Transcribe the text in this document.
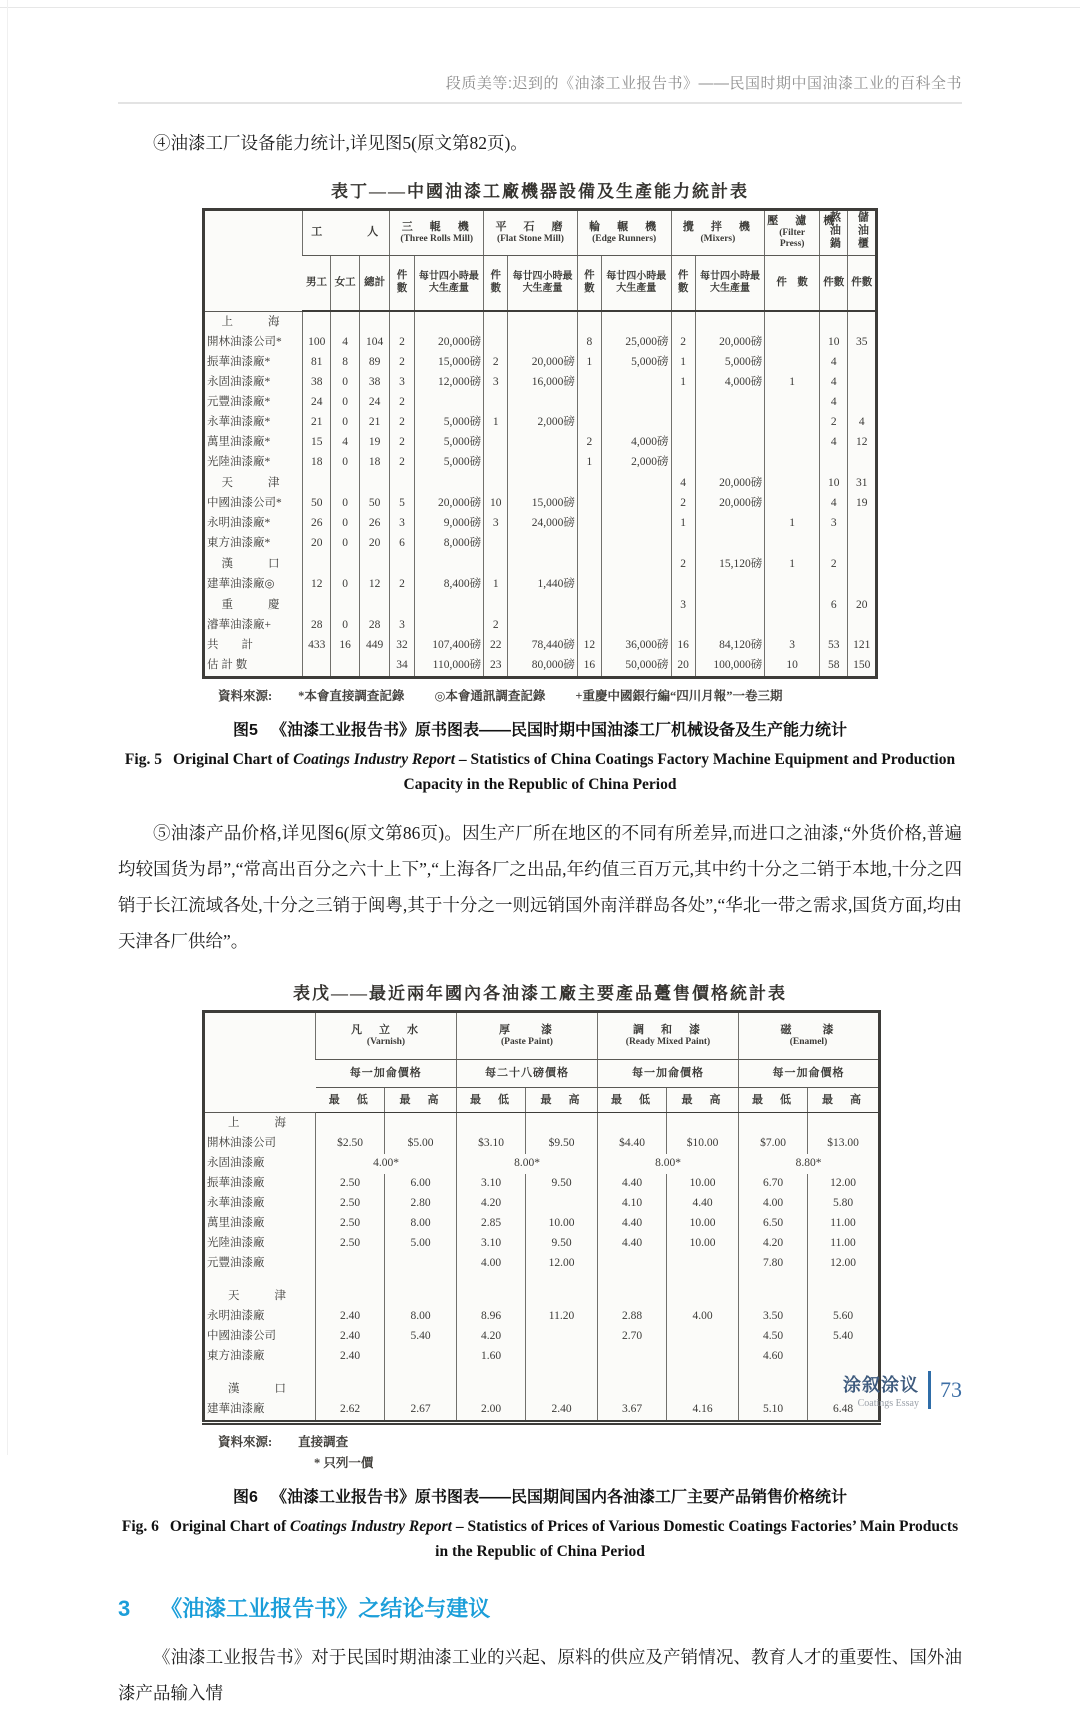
段质美等:迟到的《油漆工业报告书》——民国时期中国油漆工业的百科全书

④油漆工厂设备能力统计,详见图5(原文第82页)。

表丁——中國油漆工廠機器設備及生產能力統計表
	工　　　人	三　輥　機
(Three Rolls Mill)

平　石　磨
(Flat Stone Mill)

輪　輾　機
(Edge Runners)

攪　拌　機
(Mixers)

壓　濾　機
(Filter Press)	熬油鍋	儲油櫃
	男工	女工	總計	件數	每廿四小時最大生產量	件數	每廿四小時最大生產量	件數	每廿四小時最大生產量	件數	每廿四小時最大生產量	件　數	件數	件數
上　　海														
開林油漆公司*	100	4	104	2	20,000磅			8	25,000磅	2	20,000磅		10	35
振華油漆廠*	81	8	89	2	15,000磅	2	20,000磅	1	5,000磅	1	5,000磅		4	
永固油漆廠*	38	0	38	3	12,000磅	3	16,000磅			1	4,000磅	1	4	
元豐油漆廠*	24	0	24	2									4	
永華油漆廠*	21	0	21	2	5,000磅	1	2,000磅						2	4
萬里油漆廠*	15	4	19	2	5,000磅			2	4,000磅				4	12
光陸油漆廠*	18	0	18	2	5,000磅			1	2,000磅					
天　　津										4	20,000磅		10	31
中國油漆公司*	50	0	50	5	20,000磅	10	15,000磅			2	20,000磅		4	19
永明油漆廠*	26	0	26	3	9,000磅	3	24,000磅			1		1	3	
東方油漆廠*	20	0	20	6	8,000磅									
漢　　口										2	15,120磅	1	2	
建華油漆廠◎	12	0	12	2	8,400磅	1	1,440磅							
重　　慶										3			6	20
濬華油漆廠+	28	0	28	3		2								
共　　計	433	16	449	32	107,400磅	22	78,440磅	12	36,000磅	16	84,120磅	3	53	121
估 計 數				34	110,000磅	23	80,000磅	16	50,000磅	20	100,000磅	10	58	150
資料來源: *本會直接調查記錄 ◎本會通訊調查記錄 +重慶中國銀行編“四川月報”一卷三期
图5 《油漆工业报告书》原书图表——民国时期中国油漆工厂机械设备及生产能力统计
Fig. 5 Original Chart of Coatings Industry Report – Statistics of China Coatings Factory Machine Equipment and Production Capacity in the Republic of China Period

⑤油漆产品价格,详见图6(原文第86页)。因生产厂所在地区的不同有所差异,而进口之油漆,“外货价格,普遍均较国货为昂”,“常高出百分之六十上下”,“上海各厂之出品,年约值三百万元,其中约十分之二销于本地,十分之四销于长江流域各处,十分之三销于闽粤,其于十分之一则远销国外南洋群岛各处”,“华北一带之需求,国货方面,均由天津各厂供给”。

表戊——最近兩年國內各油漆工廠主要產品躉售價格統計表

凡　立　水
(Varnish)

厚　　漆
(Paste Paint)

調　和　漆
(Ready Mixed Paint)

磁　　漆
(Enamel)

	每一加侖價格		每二十八磅價格		每一加侖價格		每一加侖價格	
	最　低	最　高	最　低	最　高	最　低	最　高	最　低	最　高
上　　海								
開林油漆公司	$2.50	$5.00	$3.10	$9.50	$4.40	$10.00	$7.00	$13.00
永固油漆廠	4.00*		8.00*		8.00*		8.80*	
振華油漆廠	2.50	6.00	3.10	9.50	4.40	10.00	6.70	12.00
永華油漆廠	2.50	2.80	4.20		4.10	4.40	4.00	5.80
萬里油漆廠	2.50	8.00	2.85	10.00	4.40	10.00	6.50	11.00
光陸油漆廠	2.50	5.00	3.10	9.50	4.40	10.00	4.20	11.00
元豐油漆廠			4.00	12.00			7.80	12.00

天　　津								
永明油漆廠	2.40	8.00	8.96	11.20	2.88	4.00	3.50	5.60
中國油漆公司	2.40	5.40	4.20		2.70		4.50	5.40
東方油漆廠	2.40		1.60				4.60	

漢　　口								
建華油漆廠	2.62	2.67	2.00	2.40	3.67	4.16	5.10	6.48
資料來源: 直接調查
* 只列一價
图6 《油漆工业报告书》原书图表——民国期间国内各油漆工厂主要产品销售价格统计
Fig. 6 Original Chart of Coatings Industry Report – Statistics of Prices of Various Domestic Coatings Factories’ Main Products in the Republic of China Period
3 《油漆工业报告书》之结论与建议

《油漆工业报告书》对于民国时期油漆工业的兴起、原料的供应及产销情况、教育人才的重要性、国外油漆产品输入情

涂叙涂议
Coatings Essay
73
